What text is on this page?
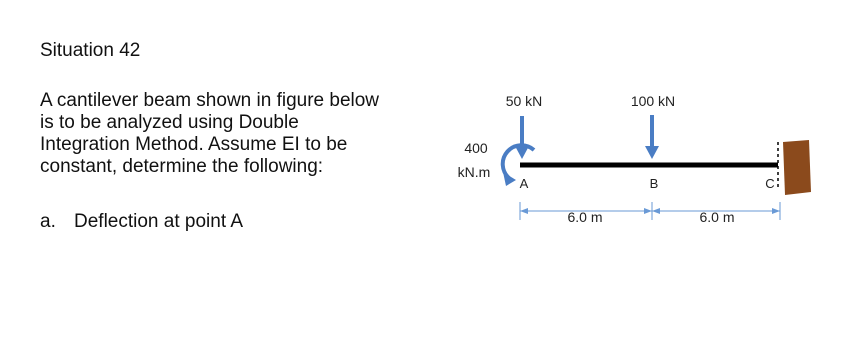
Situation 42
A cantilever beam shown in figure below
is to be analyzed using Double
Integration Method. Assume EI to be
constant, determine the following:
a. Deflection at point A
400
kN.m
50 kN	100 kN
A	B	C
6.0 m	6.0 m
